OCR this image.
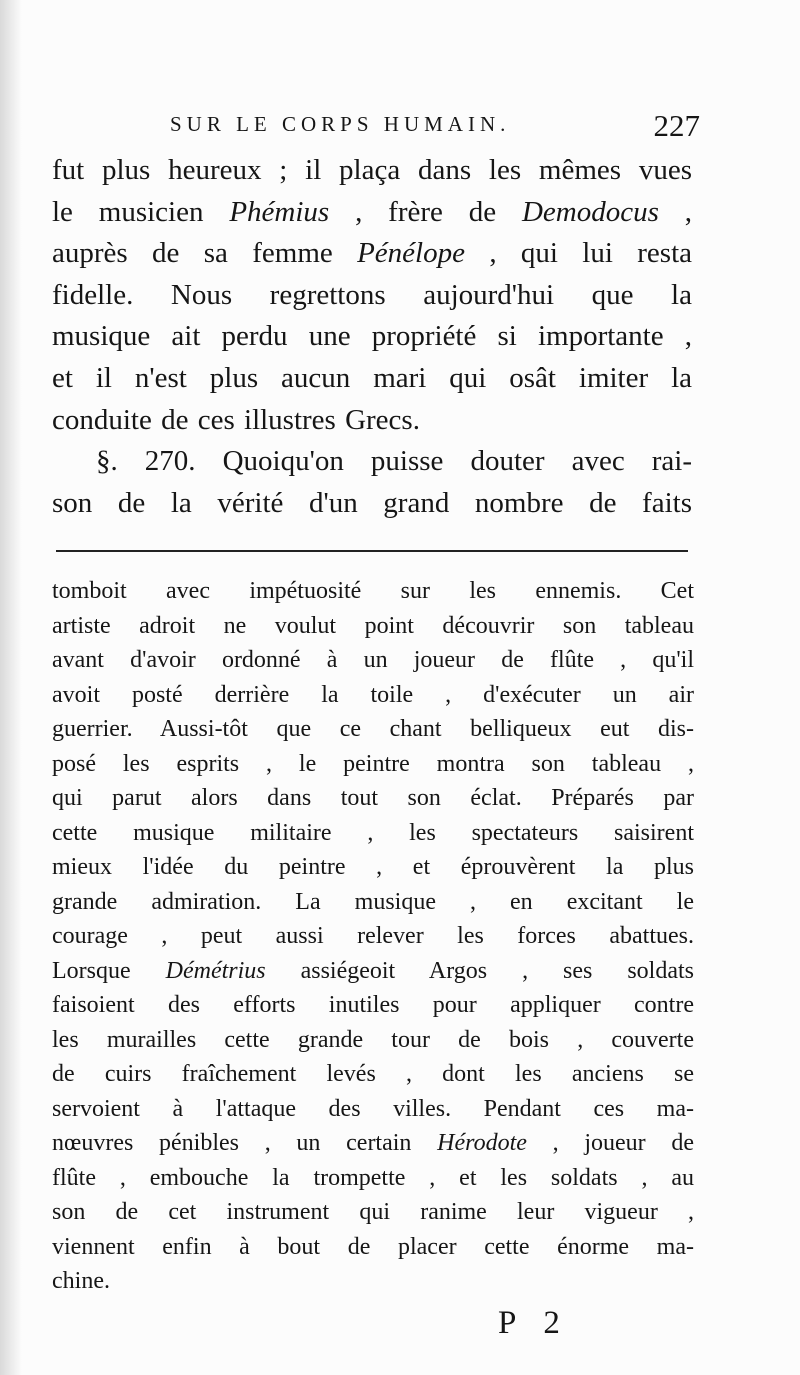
SUR LE CORPS HUMAIN.	227

fut plus heureux ; il plaça dans les mêmes vues
le musicien Phémius , frère de Demodocus ,
auprès de sa femme Pénélope , qui lui resta
fidelle. Nous regrettons aujourd'hui que la
musique ait perdu une propriété si importante ,
et il n'est plus aucun mari qui osât imiter la
conduite de ces illustres Grecs.

§. 270. Quoiqu'on puisse douter avec rai-
son de la vérité d'un grand nombre de faits

tomboit avec impétuosité sur les ennemis. Cet
artiste adroit ne voulut point découvrir son tableau
avant d'avoir ordonné à un joueur de flûte , qu'il
avoit posté derrière la toile , d'exécuter un air
guerrier. Aussi-tôt que ce chant belliqueux eut dis-
posé les esprits , le peintre montra son tableau ,
qui parut alors dans tout son éclat. Préparés par
cette musique militaire , les spectateurs saisirent
mieux l'idée du peintre , et éprouvèrent la plus
grande admiration. La musique , en excitant le
courage , peut aussi relever les forces abattues.
Lorsque Démétrius assiégeoit Argos , ses soldats
faisoient des efforts inutiles pour appliquer contre
les murailles cette grande tour de bois , couverte
de cuirs fraîchement levés , dont les anciens se
servoient à l'attaque des villes. Pendant ces ma-
nœuvres pénibles , un certain Hérodote , joueur de
flûte , embouche la trompette , et les soldats , au
son de cet instrument qui ranime leur vigueur ,
viennent enfin à bout de placer cette énorme ma-
chine.

P 2
